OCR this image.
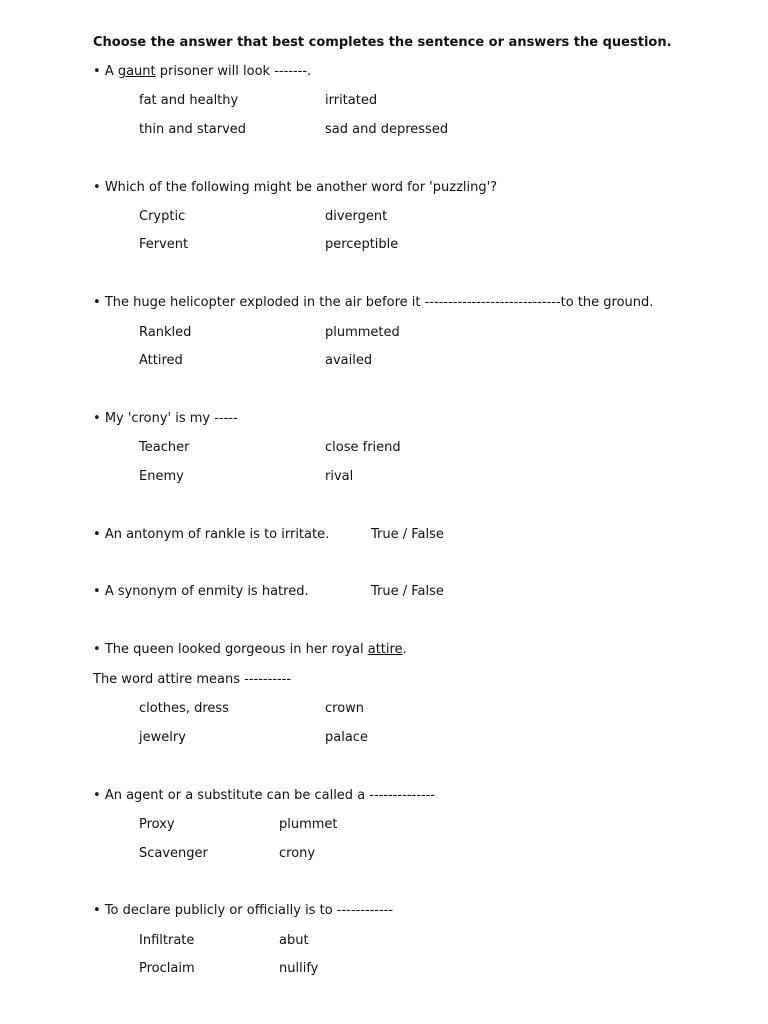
Choose the answer that best completes the sentence or answers the question.
• A gaunt prisoner will look -------.
fat and healthy	irritated
thin and starved	sad and depressed
• Which of the following might be another word for 'puzzling'?
Cryptic	divergent
Fervent	perceptible
• The huge helicopter exploded in the air before it -----------------------------to the ground.
Rankled	plummeted
Attired	availed
• My 'crony' is my -----
Teacher	close friend
Enemy	rival
• An antonym of rankle is to irritate.	True / False
• A synonym of enmity is hatred.	True / False
• The queen looked gorgeous in her royal attire.
The word attire means ----------
clothes, dress	crown
jewelry	palace
• An agent or a substitute can be called a --------------
Proxy	plummet
Scavenger	crony
• To declare publicly or officially is to ------------
Infiltrate	abut
Proclaim	nullify
